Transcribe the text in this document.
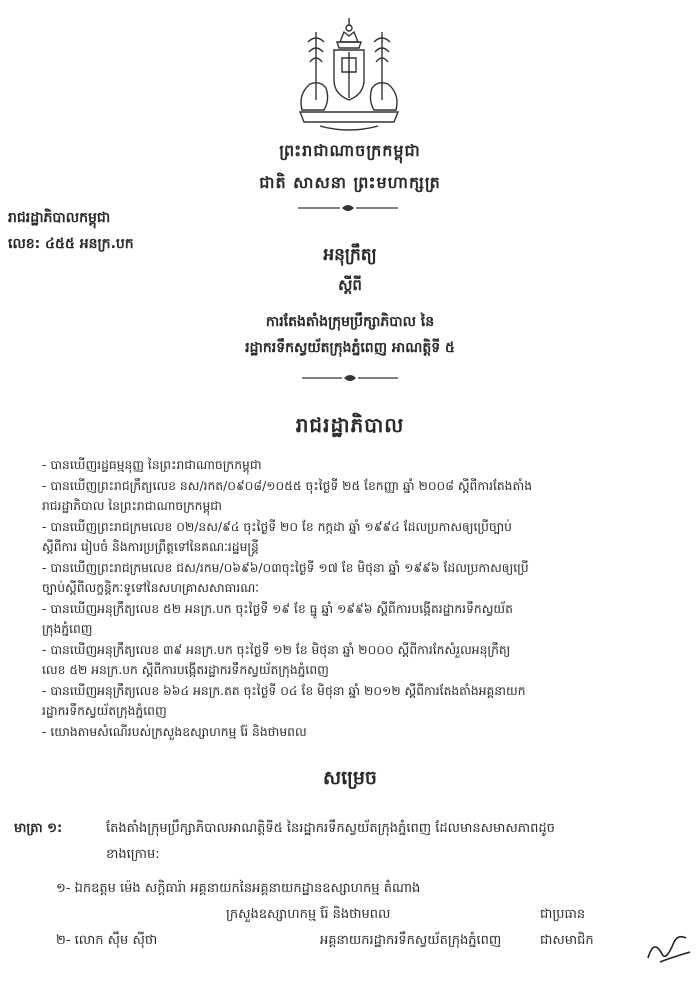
ព្រះរាជាណាចក្រកម្ពុជា
ជាតិ សាសនា ព្រះមហាក្សត្រ
រាជរដ្ឋាភិបាលកម្ពុជា
លេខ: ៤៥៥ អនក្រ.បក
អនុក្រឹត្យ
ស្តីពី
ការតែងតាំងក្រុមប្រឹក្សាភិបាល នៃ
រដ្ឋាករទឹកស្វយ័តក្រុងភ្នំពេញ អាណត្តិទី ៥
រាជរដ្ឋាភិបាល
- បានឃើញរដ្ឋធម្មនុញ្ញ នៃព្រះរាជាណាចក្រកម្ពុជា
- បានឃើញព្រះរាជក្រឹត្យលេខ នស/រកត/០៩០៨/១០៥៥ ចុះថ្ងៃទី ២៥ ខែកញ្ញា ឆ្នាំ ២០០៨ ស្តីពីការតែងតាំង
រាជរដ្ឋាភិបាល នៃព្រះរាជាណាចក្រកម្ពុជា
- បានឃើញព្រះរាជក្រមលេខ ០២/នស/៩៤ ចុះថ្ងៃទី ២០ ខែ កក្កដា ឆ្នាំ ១៩៩៤ ដែលប្រកាសឲ្យប្រើច្បាប់
ស្តីពីការ រៀបចំ និងការប្រព្រឹត្តទៅនៃគណៈរដ្ឋមន្ត្រី
- បានឃើញព្រះរាជក្រមលេខ ជស/រកម/០៦៩៦/០៣ចុះថ្ងៃទី ១៧ ខែ មិថុនា ឆ្នាំ ១៩៩៦ ដែលប្រកាសឲ្យប្រើ
ច្បាប់ស្តីពីលក្ខន្តិកៈទូទៅនៃសហគ្រាសសាធារណៈ
- បានឃើញអនុក្រឹត្យលេខ ៥២ អនក្រ.បក ចុះថ្ងៃទី ១៩ ខែ ធ្នូ ឆ្នាំ ១៩៩៦ ស្តីពីការបង្កើតរដ្ឋាករទឹកស្វយ័ត
ក្រុងភ្នំពេញ
- បានឃើញអនុក្រឹត្យលេខ ៣៩ អនក្រ.បក ចុះថ្ងៃទី ១២ ខែ មិថុនា ឆ្នាំ ២០០០ ស្តីពីការកែសំរួលអនុក្រឹត្យ
លេខ ៥២ អនក្រ.បក ស្តីពីការបង្កើតរដ្ឋាករទឹកស្វយ័តក្រុងភ្នំពេញ
- បានឃើញអនុក្រឹត្យលេខ ៦៦៤ អនក្រ.តត ចុះថ្ងៃទី ០៤ ខែ មិថុនា ឆ្នាំ ២០១២ ស្តីពីការតែងតាំងអគ្គនាយក
រដ្ឋាករទឹកស្វយ័តក្រុងភ្នំពេញ
- យោងតាមសំណើរបស់ក្រសួងឧស្សាហកម្ម រ៉ែ និងថាមពល
សម្រេច
មាត្រា ១:	តែងតាំងក្រុមប្រឹក្សាភិបាលអាណត្តិទី៥ នៃរដ្ឋាករទឹកស្វយ័តក្រុងភ្នំពេញ ដែលមានសមាសភាពដូច
ខាងក្រោម:
១- ឯកឧត្តម ម៉េង សក្តិធារ៉ា អគ្គនាយកនៃអគ្គនាយកដ្ឋានឧស្សាហកម្ម តំណាង
ក្រសួងឧស្សាហកម្ម រ៉ែ និងថាមពល	ជាប្រធាន
២- លោក ស៊ឹម ស៊ីថា	អគ្គនាយករដ្ឋាករទឹកស្វយ័តក្រុងភ្នំពេញ	ជាសមាជិក
